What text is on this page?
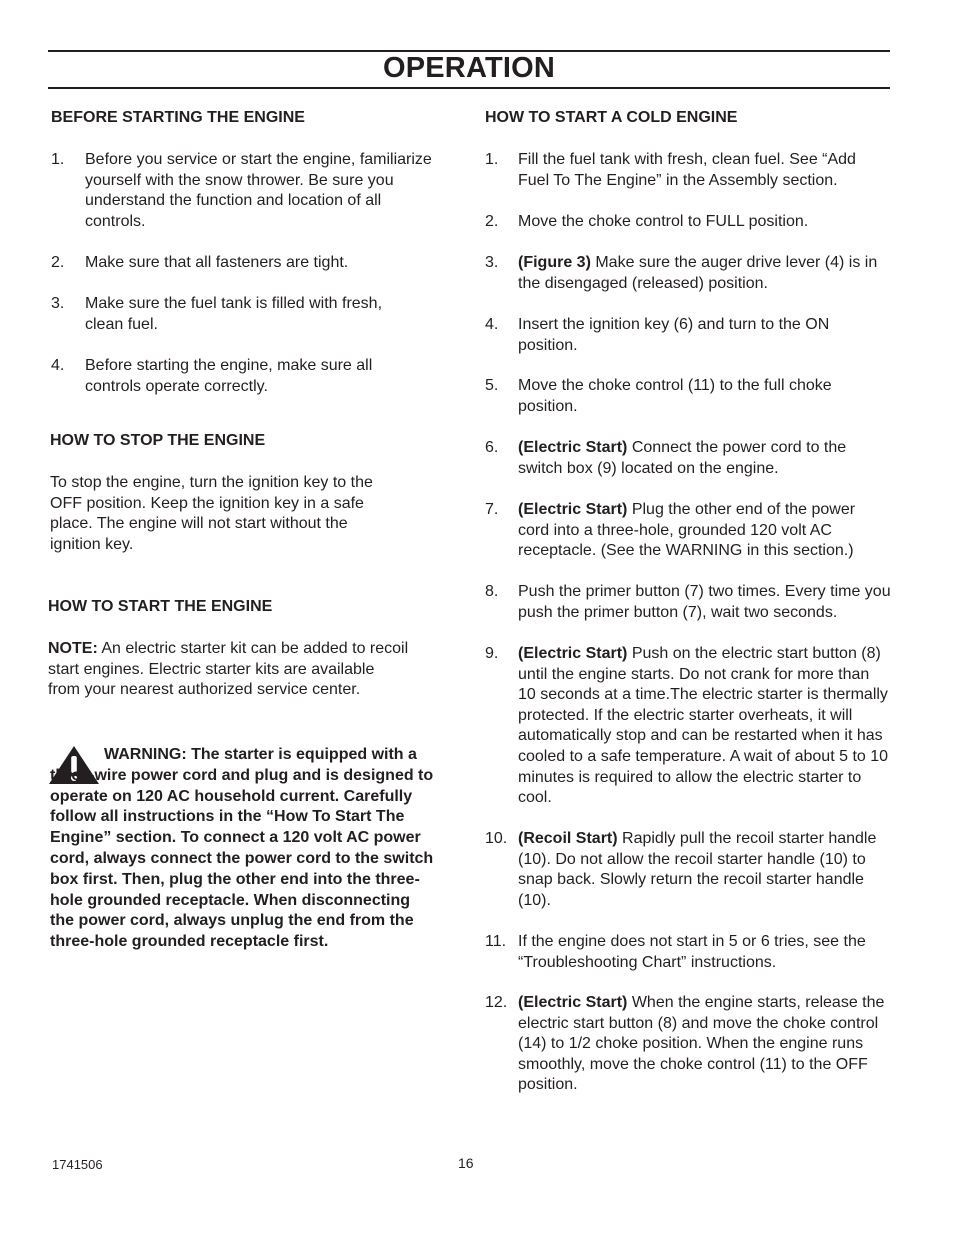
OPERATION
BEFORE STARTING THE ENGINE
1. Before you service or start the engine, familiarize yourself with the snow thrower. Be sure you understand the function and location of all controls.
2. Make sure that all fasteners are tight.
3. Make sure the fuel tank is filled with fresh, clean fuel.
4. Before starting the engine, make sure all controls operate correctly.
HOW TO STOP THE ENGINE

To stop the engine, turn the ignition key to the OFF position. Keep the ignition key in a safe place. The engine will not start without the ignition key.

HOW TO START THE ENGINE

NOTE: An electric starter kit can be added to recoil start engines. Electric starter kits are available from your nearest authorized service center.

WARNING: The starter is equipped with a three-wire power cord and plug and is designed to operate on 120 AC household current. Carefully follow all instructions in the “How To Start The Engine” section. To connect a 120 volt AC power cord, always connect the power cord to the switch box first. Then, plug the other end into the three-hole grounded receptacle. When disconnecting the power cord, always unplug the end from the three-hole grounded receptacle first.

HOW TO START A COLD ENGINE
1. Fill the fuel tank with fresh, clean fuel. See “Add Fuel To The Engine” in the Assembly section.
2. Move the choke control to FULL position.
3. (Figure 3) Make sure the auger drive lever (4) is in the disengaged (released) position.
4. Insert the ignition key (6) and turn to the ON position.
5. Move the choke control (11) to the full choke position.
6. (Electric Start) Connect the power cord to the switch box (9) located on the engine.
7. (Electric Start) Plug the other end of the power cord into a three-hole, grounded 120 volt AC receptacle. (See the WARNING in this section.)
8. Push the primer button (7) two times. Every time you push the primer button (7), wait two seconds.
9. (Electric Start) Push on the electric start button (8) until the engine starts. Do not crank for more than 10 seconds at a time.The electric starter is thermally protected. If the electric starter overheats, it will automatically stop and can be restarted when it has cooled to a safe temperature. A wait of about 5 to 10 minutes is required to allow the electric starter to cool.
10. (Recoil Start) Rapidly pull the recoil starter handle (10). Do not allow the recoil starter handle (10) to snap back. Slowly return the recoil starter handle (10).
11. If the engine does not start in 5 or 6 tries, see the “Troubleshooting Chart” instructions.
12. (Electric Start) When the engine starts, release the electric start button (8) and move the choke control (14) to 1/2 choke position. When the engine runs smoothly, move the choke control (11) to the OFF position.
1741506	16
